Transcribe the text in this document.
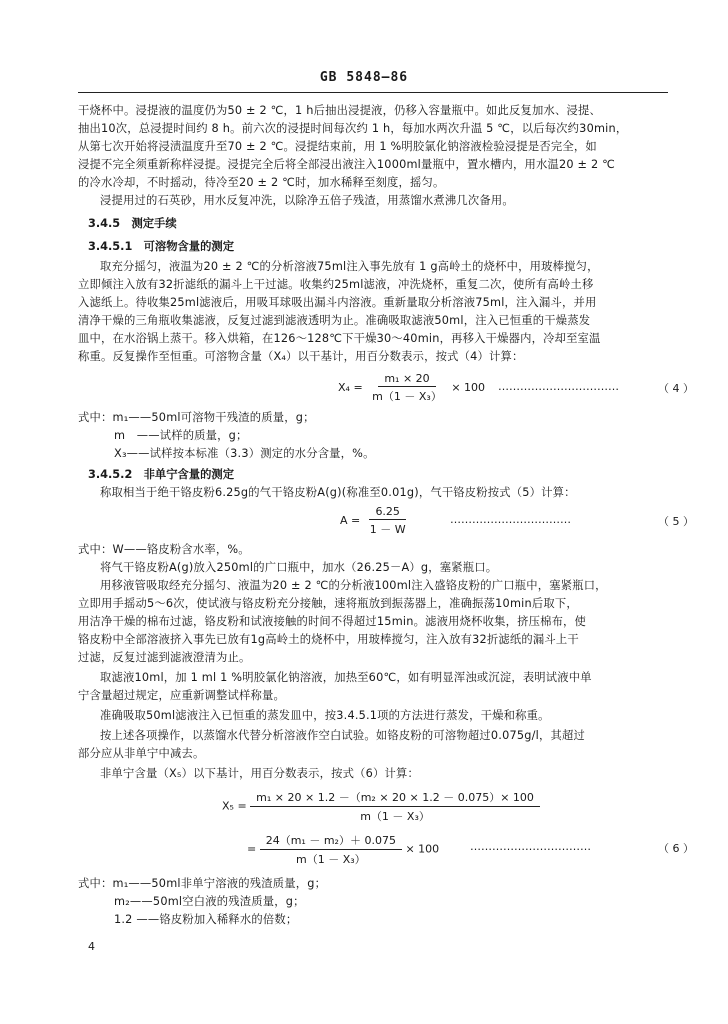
GB 5848—86
干烧杯中。浸提液的温度仍为50 ± 2 ℃，1 h后抽出浸提液，仍移入容量瓶中。如此反复加水、浸提、
抽出10次，总浸提时间约 8 h。前六次的浸提时间每次约 1 h，每加水两次升温 5 ℃，以后每次约30min，
从第七次开始将浸渍温度升至70 ± 2 ℃。浸提结束前，用 1 %明胶氯化钠溶液检验浸提是否完全，如
浸提不完全须重新称样浸提。浸提完全后将全部浸出液注入1000ml量瓶中，置水槽内，用水温20 ± 2 ℃
的冷水冷却，不时摇动，待冷至20 ± 2 ℃时，加水稀释至刻度，摇匀。
浸提用过的石英砂，用水反复冲洗，以除净五倍子残渣，用蒸馏水煮沸几次备用。
3.4.5　测定手续
3.4.5.1　可溶物含量的测定
取充分摇匀，液温为20 ± 2 ℃的分析溶液75ml注入事先放有 1 g高岭土的烧杯中，用玻棒搅匀，
立即倾注入放有32折滤纸的漏斗上干过滤。收集约25ml滤液，冲洗烧杯，重复二次，使所有高岭土移
入滤纸上。待收集25ml滤液后，用吸耳球吸出漏斗内溶液。重新量取分析溶液75ml，注入漏斗，并用
清净干燥的三角瓶收集滤液，反复过滤到滤液透明为止。准确吸取滤液50ml，注入已恒重的干燥蒸发
皿中，在水浴锅上蒸干。移入烘箱，在126～128℃下干燥30～40min，再移入干燥器内，冷却至室温
称重。反复操作至恒重。可溶物含量（X₄）以干基计，用百分数表示，按式（4）计算：
$X_4 = \frac{\text{m₁ × 20}}{\text{m（1 － X₃）}} \times 100$ ……………………………	（ 4 ）
式中：m₁——50ml可溶物干残渣的质量，g；
m　——试样的质量，g；
X₃——试样按本标准（3.3）测定的水分含量，%。
3.4.5.2　非单宁含量的测定
称取相当于绝干铬皮粉6.25g的气干铬皮粉A(g)(称准至0.01g)，气干铬皮粉按式（5）计算：
$A = \frac{6.25}{1 - W}$	……………………………	（ 5 ）
式中：W——铬皮粉含水率，%。
将气干铬皮粉A(g)放入250ml的广口瓶中，加水（26.25－A）g，塞紧瓶口。
用移液管吸取经充分摇匀、液温为20 ± 2 ℃的分析液100ml注入盛铬皮粉的广口瓶中，塞紧瓶口，
立即用手摇动5～6次，使试液与铬皮粉充分接触，速将瓶放到振荡器上，准确振荡10min后取下，
用洁净干燥的棉布过滤，铬皮粉和试液接触的时间不得超过15min。滤液用烧杯收集，挤压棉布，使
铬皮粉中全部溶液挤入事先已放有1g高岭土的烧杯中，用玻棒搅匀，注入放有32折滤纸的漏斗上干
过滤，反复过滤到滤液澄清为止。
取滤液10ml，加 1 ml 1 %明胶氯化钠溶液，加热至60℃，如有明显浑浊或沉淀，表明试液中单
宁含量超过规定，应重新调整试样称量。
准确吸取50ml滤液注入已恒重的蒸发皿中，按3.4.5.1项的方法进行蒸发，干燥和称重。
按上述各项操作，以蒸馏水代替分析溶液作空白试验。如铬皮粉的可溶物超过0.075g/l，其超过
部分应从非单宁中减去。
非单宁含量（X₅）以下基计，用百分数表示，按式（6）计算：
$X_5 = \frac{\text{m₁ × 20 × 1.2 －（m₂ × 20 × 1.2 － 0.075）× 100}}{\text{m（1 － X₃）}}$
= $\frac{\text{24（m₁ － m₂）＋ 0.075}}{\text{m（1 － X₃）}} \times 100$	……………………………	（ 6 ）
式中：m₁——50ml非单宁溶液的残渣质量，g；
m₂——50ml空白液的残渣质量，g；
1.2 ——铬皮粉加入稀释水的倍数；
4
